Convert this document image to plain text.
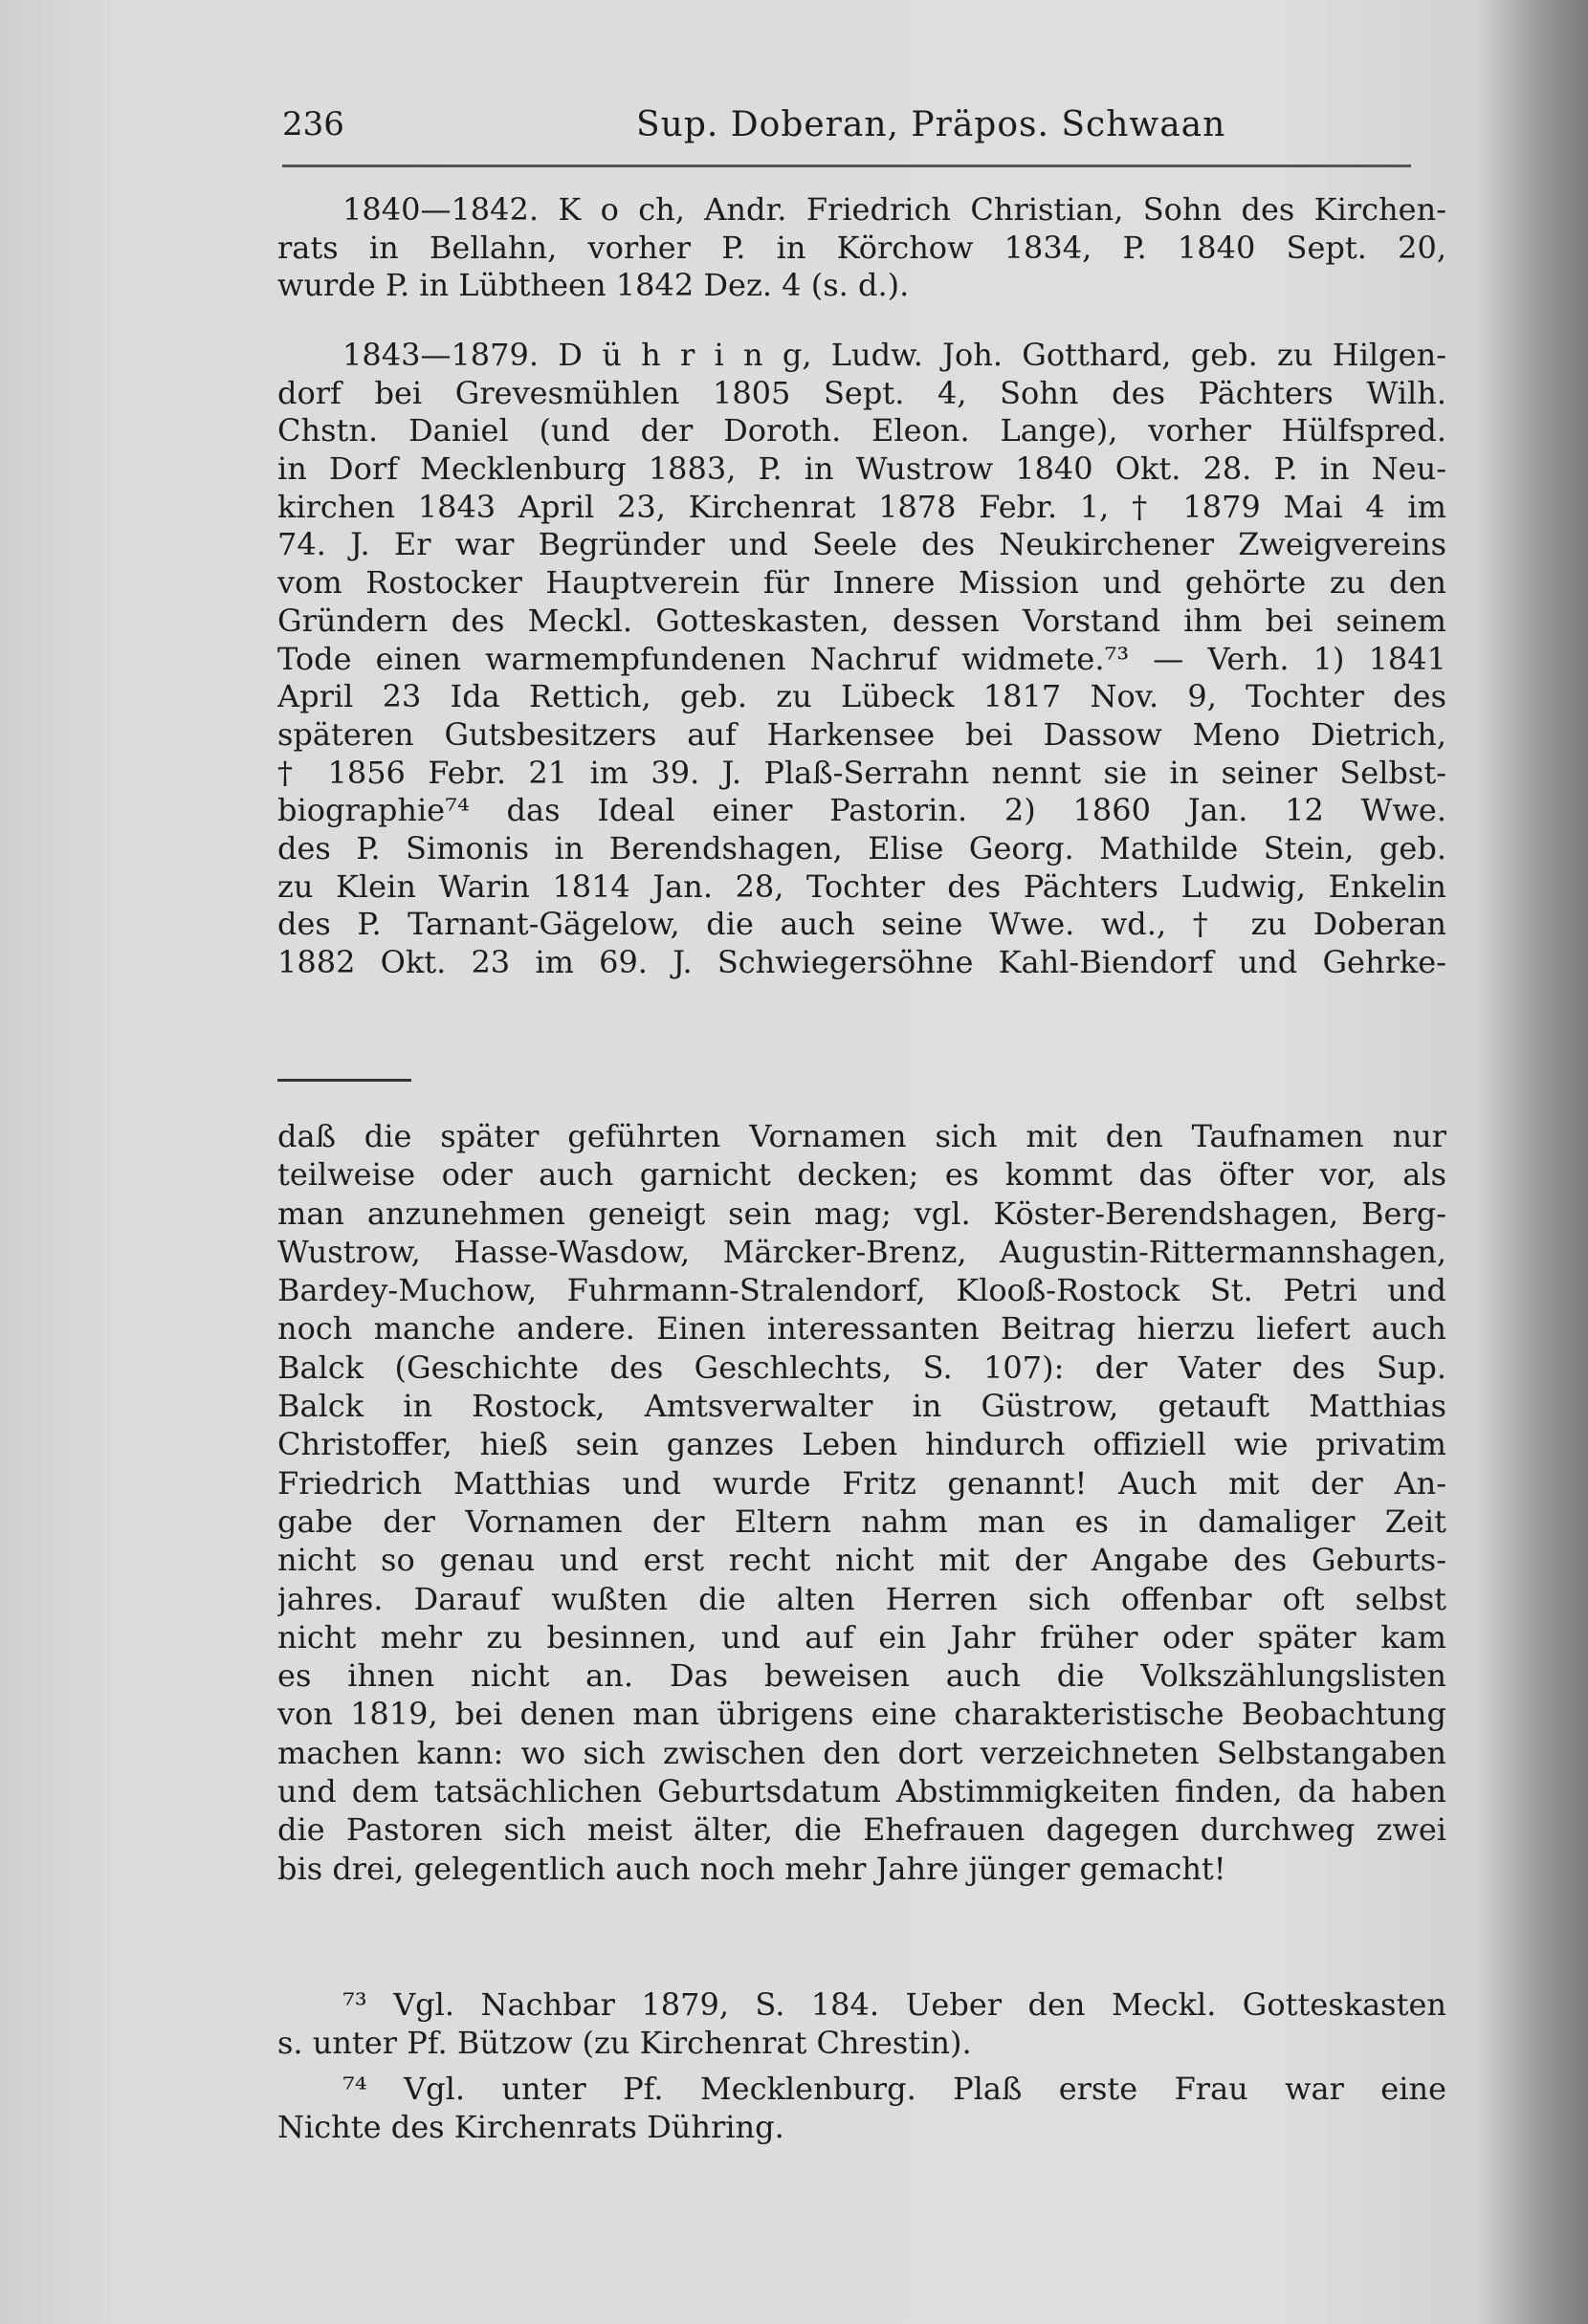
236	Sup. Doberan, Präpos. Schwaan
1840—1842. K o ch, Andr. Friedrich Christian, Sohn des Kirchen-
rats in Bellahn, vorher P. in Körchow 1834, P. 1840 Sept. 20,
wurde P. in Lübtheen 1842 Dez. 4 (s. d.).
1843—1879. D ü h r i n g, Ludw. Joh. Gotthard, geb. zu Hilgen-
dorf bei Grevesmühlen 1805 Sept. 4, Sohn des Pächters Wilh.
Chstn. Daniel (und der Doroth. Eleon. Lange), vorher Hülfspred.
in Dorf Mecklenburg 1883, P. in Wustrow 1840 Okt. 28. P. in Neu-
kirchen 1843 April 23, Kirchenrat 1878 Febr. 1, † 1879 Mai 4 im
74. J. Er war Begründer und Seele des Neukirchener Zweigvereins
vom Rostocker Hauptverein für Innere Mission und gehörte zu den
Gründern des Meckl. Gotteskasten, dessen Vorstand ihm bei seinem
Tode einen warmempfundenen Nachruf widmete.⁷³ — Verh. 1) 1841
April 23 Ida Rettich, geb. zu Lübeck 1817 Nov. 9, Tochter des
späteren Gutsbesitzers auf Harkensee bei Dassow Meno Dietrich,
† 1856 Febr. 21 im 39. J. Plaß-Serrahn nennt sie in seiner Selbst-
biographie⁷⁴ das Ideal einer Pastorin. 2) 1860 Jan. 12 Wwe.
des P. Simonis in Berendshagen, Elise Georg. Mathilde Stein, geb.
zu Klein Warin 1814 Jan. 28, Tochter des Pächters Ludwig, Enkelin
des P. Tarnant-Gägelow, die auch seine Wwe. wd., † zu Doberan
1882 Okt. 23 im 69. J. Schwiegersöhne Kahl-Biendorf und Gehrke-
daß die später geführten Vornamen sich mit den Taufnamen nur
teilweise oder auch garnicht decken; es kommt das öfter vor, als
man anzunehmen geneigt sein mag; vgl. Köster-Berendshagen, Berg-
Wustrow, Hasse-Wasdow, Märcker-Brenz, Augustin-Rittermannshagen,
Bardey-Muchow, Fuhrmann-Stralendorf, Klooß-Rostock St. Petri und
noch manche andere. Einen interessanten Beitrag hierzu liefert auch
Balck (Geschichte des Geschlechts, S. 107): der Vater des Sup.
Balck in Rostock, Amtsverwalter in Güstrow, getauft Matthias
Christoffer, hieß sein ganzes Leben hindurch offiziell wie privatim
Friedrich Matthias und wurde Fritz genannt! Auch mit der An-
gabe der Vornamen der Eltern nahm man es in damaliger Zeit
nicht so genau und erst recht nicht mit der Angabe des Geburts-
jahres. Darauf wußten die alten Herren sich offenbar oft selbst
nicht mehr zu besinnen, und auf ein Jahr früher oder später kam
es ihnen nicht an. Das beweisen auch die Volkszählungslisten
von 1819, bei denen man übrigens eine charakteristische Beobachtung
machen kann: wo sich zwischen den dort verzeichneten Selbstangaben
und dem tatsächlichen Geburtsdatum Abstimmigkeiten finden, da haben
die Pastoren sich meist älter, die Ehefrauen dagegen durchweg zwei
bis drei, gelegentlich auch noch mehr Jahre jünger gemacht!
⁷³ Vgl. Nachbar 1879, S. 184. Ueber den Meckl. Gotteskasten
s. unter Pf. Bützow (zu Kirchenrat Chrestin).
⁷⁴ Vgl. unter Pf. Mecklenburg. Plaß erste Frau war eine
Nichte des Kirchenrats Dühring.
